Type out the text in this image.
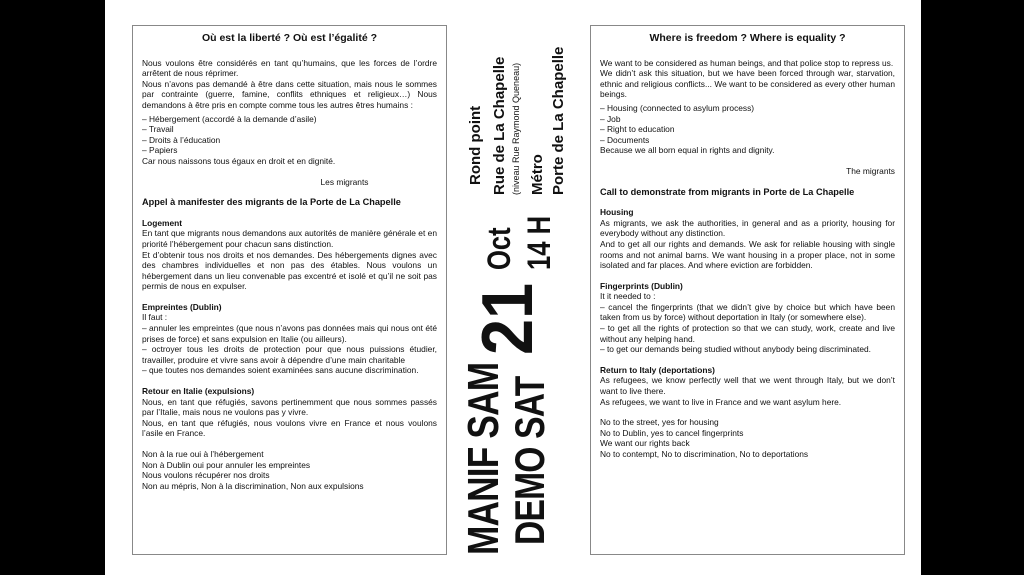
Où est la liberté ? Où est l’égalité ?

Nous voulons être considérés en tant qu’humains, que les forces de l’ordre arrêtent de nous réprimer.

Nous n’avons pas demandé à être dans cette situation, mais nous le sommes par contrainte (guerre, famine, conflits ethniques et religieux…) Nous demandons à être pris en compte comme tous les autres êtres humains :

– Hébergement (accordé à la demande d’asile)
– Travail
– Droits à l’éducation
– Papiers
Car nous naissons tous égaux en droit et en dignité.
Les migrants
Appel à manifester des migrants de la Porte de La Chapelle
Logement

En tant que migrants nous demandons aux autorités de manière générale et en priorité l’hébergement pour chacun sans distinction.

Et d’obtenir tous nos droits et nos demandes. Des hébergements dignes avec des chambres individuelles et non pas des étables. Nous voulons un hébergement dans un lieu convenable pas excentré et isolé et qu’il ne soit pas permis de nous en expulser.

Empreintes (Dublin)
Il faut :

– annuler les empreintes (que nous n’avons pas données mais qui nous ont été prises de force) et sans expulsion en Italie (ou ailleurs).

– octroyer tous les droits de protection pour que nous puissions étudier, travailler, produire et vivre sans avoir à dépendre d’une main charitable

– que toutes nos demandes soient examinées sans aucune discrimination.

Retour en Italie (expulsions)

Nous, en tant que réfugiés, savons pertinemment que nous sommes passés par l’Italie, mais nous ne voulons pas y vivre.

Nous, en tant que réfugiés, nous voulons vivre en France et nous voulons l’asile en France.

Non à la rue oui à l’hébergement
Non à Dublin oui pour annuler les empreintes
Nous voulons récupérer nos droits
Non au mépris, Non à la discrimination, Non aux expulsions	MANIF SAM
DEMO SAT
21
Oct 14 H
Rond point Rue de La Chapelle (niveau Rue Raymond Queneau) Métro Porte de La Chapelle
Where is freedom ? Where is equality ?

We want to be considered as human beings, and that police stop to repress us.

We didn’t ask this situation, but we have been forced through war, starvation, ethnic and religious conflicts... We want to be considered as every other human beings.

– Housing (connected to asylum process)
– Job
– Right to education
– Documents
Because we all born equal in rights and dignity.
The migrants
Call to demonstrate from migrants in Porte de La Chapelle
Housing

As migrants, we ask the authorities, in general and as a priority, housing for everybody without any distinction.

And to get all our rights and demands. We ask for reliable housing with single rooms and not animal barns. We want housing in a proper place, not in some isolated and far places. And where eviction are forbidden.

Fingerprints (Dublin)
It it needed to :

– cancel the fingerprints (that we didn’t give by choice but which have been taken from us by force) without deportation in Italy (or somewhere else).

– to get all the rights of protection so that we can study, work, create and live without any helping hand.

– to get our demands being studied without anybody being discriminated.

Return to Italy (deportations)

As refugees, we know perfectly well that we went through Italy, but we don’t want to live there.

As refugees, we want to live in France and we want asylum here.

No to the street, yes for housing
No to Dublin, yes to cancel fingerprints
We want our rights back
No to contempt, No to discrimination, No to deportations
